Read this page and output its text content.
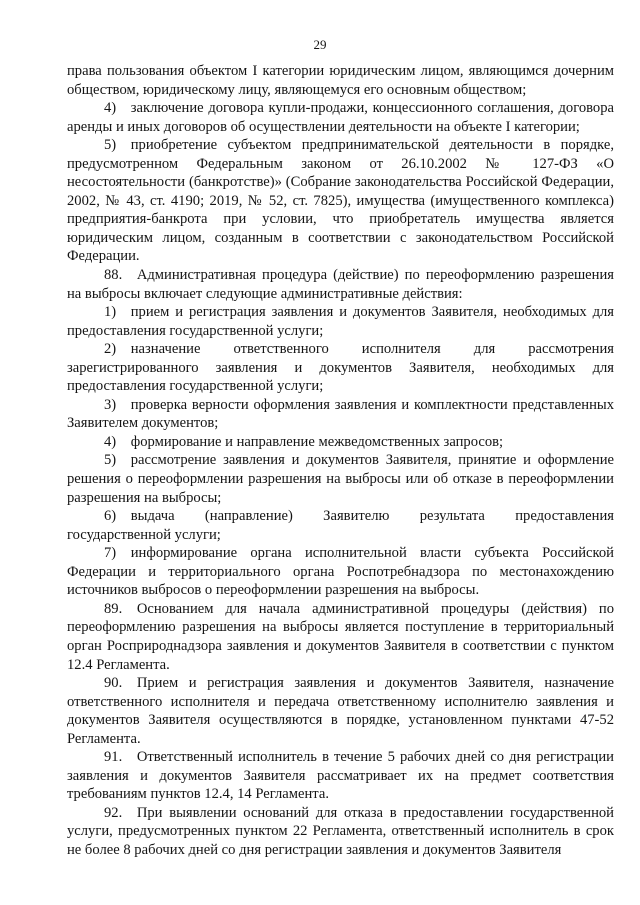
29

права пользования объектом I категории юридическим лицом, являющимся дочерним обществом, юридическому лицу, являющемуся его основным обществом;

4) заключение договора купли-продажи, концессионного соглашения, договора аренды и иных договоров об осуществлении деятельности на объекте I категории;

5) приобретение субъектом предпринимательской деятельности в порядке, предусмотренном Федеральным законом от 26.10.2002 № 127-ФЗ «О несостоятельности (банкротстве)» (Собрание законодательства Российской Федерации, 2002, № 43, ст. 4190; 2019, № 52, ст. 7825), имущества (имущественного комплекса) предприятия-банкрота при условии, что приобретатель имущества является юридическим лицом, созданным в соответствии с законодательством Российской Федерации.

88. Административная процедура (действие) по переоформлению разрешения на выбросы включает следующие административные действия:

1) прием и регистрация заявления и документов Заявителя, необходимых для предоставления государственной услуги;

2) назначение ответственного исполнителя для рассмотрения зарегистрированного заявления и документов Заявителя, необходимых для предоставления государственной услуги;

3) проверка верности оформления заявления и комплектности представленных Заявителем документов;

4) формирование и направление межведомственных запросов;

5) рассмотрение заявления и документов Заявителя, принятие и оформление решения о переоформлении разрешения на выбросы или об отказе в переоформлении разрешения на выбросы;

6) выдача (направление) Заявителю результата предоставления государственной услуги;

7) информирование органа исполнительной власти субъекта Российской Федерации и территориального органа Роспотребнадзора по местонахождению источников выбросов о переоформлении разрешения на выбросы.

89. Основанием для начала административной процедуры (действия) по переоформлению разрешения на выбросы является поступление в территориальный орган Росприроднадзора заявления и документов Заявителя в соответствии с пунктом 12.4 Регламента.

90. Прием и регистрация заявления и документов Заявителя, назначение ответственного исполнителя и передача ответственному исполнителю заявления и документов Заявителя осуществляются в порядке, установленном пунктами 47-52 Регламента.

91. Ответственный исполнитель в течение 5 рабочих дней со дня регистрации заявления и документов Заявителя рассматривает их на предмет соответствия требованиям пунктов 12.4, 14 Регламента.

92. При выявлении оснований для отказа в предоставлении государственной услуги, предусмотренных пунктом 22 Регламента, ответственный исполнитель в срок не более 8 рабочих дней со дня регистрации заявления и документов Заявителя
